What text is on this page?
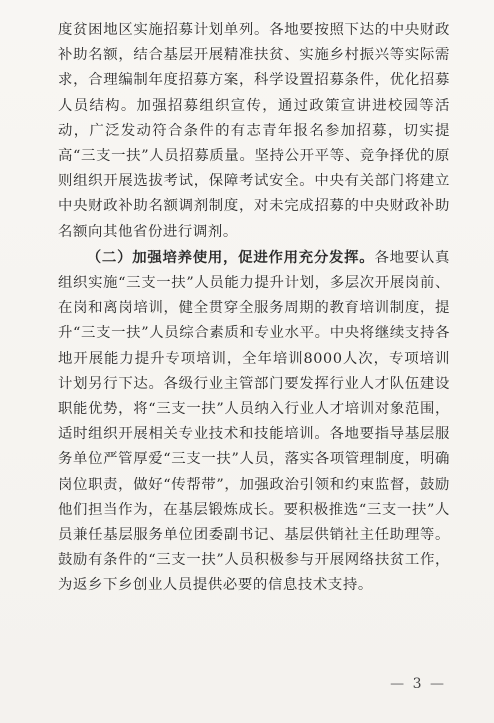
度贫困地区实施招募计划单列。各地要按照下达的中央财政补助名额，结合基层开展精准扶贫、实施乡村振兴等实际需求，合理编制年度招募方案，科学设置招募条件，优化招募人员结构。加强招募组织宣传，通过政策宣讲进校园等活动，广泛发动符合条件的有志青年报名参加招募，切实提高“三支一扶”人员招募质量。坚持公开平等、竞争择优的原则组织开展选拔考试，保障考试安全。中央有关部门将建立中央财政补助名额调剂制度，对未完成招募的中央财政补助名额向其他省份进行调剂。

（二）加强培养使用，促进作用充分发挥。各地要认真组织实施“三支一扶”人员能力提升计划，多层次开展岗前、在岗和离岗培训，健全贯穿全服务周期的教育培训制度，提升“三支一扶”人员综合素质和专业水平。中央将继续支持各地开展能力提升专项培训，全年培训8000人次，专项培训计划另行下达。各级行业主管部门要发挥行业人才队伍建设职能优势，将“三支一扶”人员纳入行业人才培训对象范围，适时组织开展相关专业技术和技能培训。各地要指导基层服务单位严管厚爱“三支一扶”人员，落实各项管理制度，明确岗位职责，做好“传帮带”，加强政治引领和约束监督，鼓励他们担当作为，在基层锻炼成长。要积极推选“三支一扶”人员兼任基层服务单位团委副书记、基层供销社主任助理等。鼓励有条件的“三支一扶”人员积极参与开展网络扶贫工作，为返乡下乡创业人员提供必要的信息技术支持。

— 3 —
